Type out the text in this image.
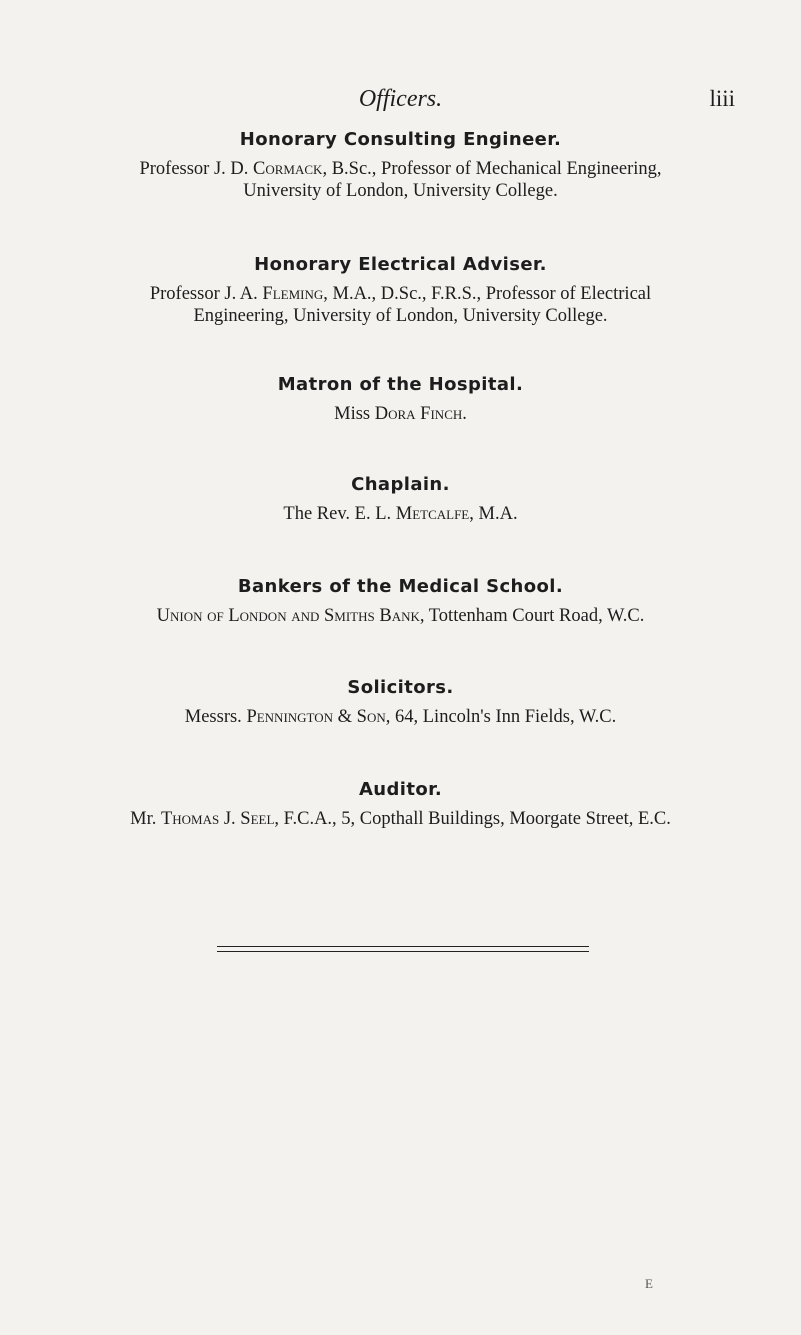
Officers.	liii
Honorary Consulting Engineer.

Professor J. D. Cormack, B.Sc., Professor of Mechanical Engineering,

University of London, University College.

Honorary Electrical Adviser.

Professor J. A. Fleming, M.A., D.Sc., F.R.S., Professor of Electrical

Engineering, University of London, University College.

Matron of the Hospital.

Miss Dora Finch.

Chaplain.

The Rev. E. L. Metcalfe, M.A.

Bankers of the Medical School.

Union of London and Smiths Bank, Tottenham Court Road, W.C.

Solicitors.

Messrs. Pennington & Son, 64, Lincoln's Inn Fields, W.C.

Auditor.

Mr. Thomas J. Seel, F.C.A., 5, Copthall Buildings, Moorgate Street, E.C.

E
